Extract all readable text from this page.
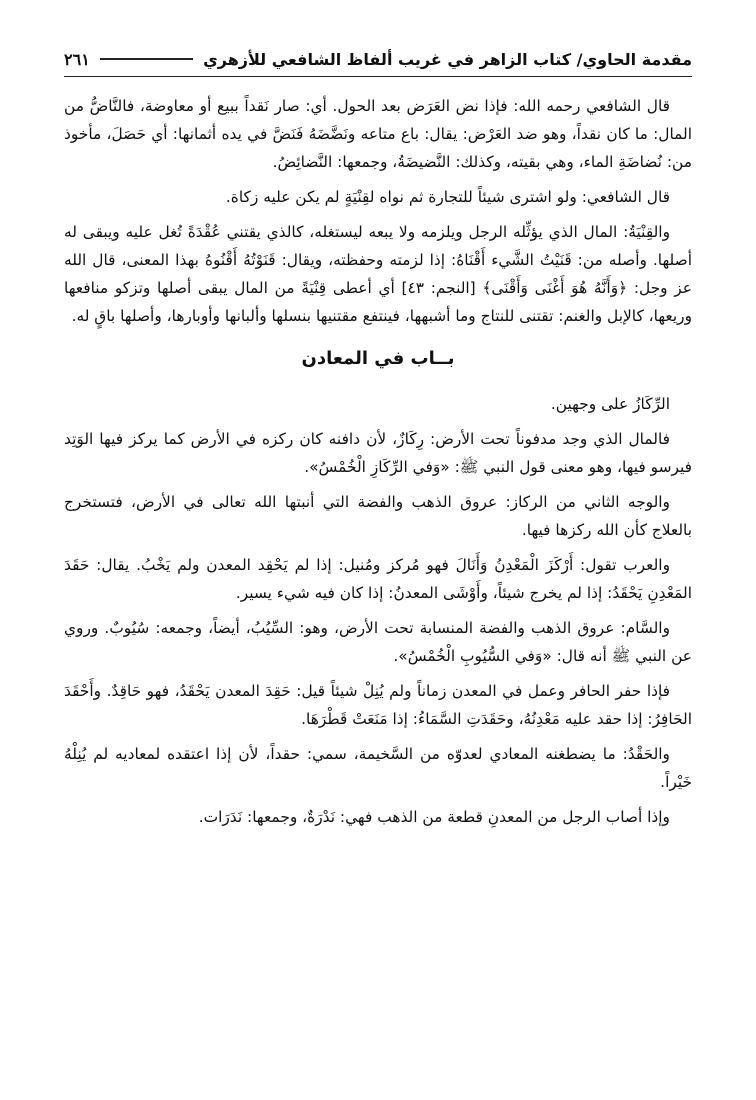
مقدمة الحاوي/ كتاب الزاهر في غريب ألفاظ الشافعي للأزهري
٢٦١

قال الشافعي رحمه الله: فإذا نض العَرَض بعد الحول. أي: صار نَقداً ببيع أو معاوضة، فالنَّاضُّ من المال: ما كان نقداً، وهو ضد العَرْض: يقال: باع متاعه ونَضَّضَهُ فَنَضَّ في يده أثمانها: أي حَصَلَ، مأخوذ من: نُضاضَةِ الماء، وهي بقيته، وكذلك: النَّضيضَةُ، وجمعها: النَّضائِضُ.

قال الشافعي: ولو اشترى شيئاً للتجارة ثم نواه لقِنْيَةٍ لم يكن عليه زكاة.

والقِنْيَةُ: المال الذي يؤثِّله الرجل ويلزمه ولا يبعه ليستغله، كالذي يقتني عُقْدَةً تُغل عليه ويبقى له أصلها. وأصله من: قَنَيْتُ الشَّيء أَقْنَاهُ: إذا لزمته وحفظته، ويقال: قَنَوْتُهُ أَقْنُوهُ بهذا المعنى، قال الله عز وجل: ﴿وَأَنَّهُ هُوَ أَغْنَى وَأَقْنَى﴾ [النجم: ٤٣] أي أعطى قِنْيَةً من المال يبقى أصلها وتزكو منافعها وريعها، كالإبل والغنم: تقتنى للنتاج وما أشبهها، فينتفع مقتنيها بنسلها وألبانها وأوبارها، وأصلها باقٍ له.

بــاب في المعادن

الرِّكَازُ على وجهين.

فالمال الذي وجد مدفوناً تحت الأرض: رِكَازٌ، لأن دافنه كان ركزه في الأرض كما يركز فيها الوَتِد فيرسو فيها، وهو معنى قول النبي ﷺ: «وَفي الرِّكَازِ الْخُمْسُ».

والوجه الثاني من الركاز: عروق الذهب والفضة التي أنبتها الله تعالى في الأرض، فتستخرج بالعلاج كأن الله ركزها فيها.

والعرب تقول: أَرْكَزَ الْمَعْدِنُ وَأَنَالَ فهو مُركز ومُنيل: إذا لم يَحْقِد المعدن ولم يَخْبُ. يقال: حَقَدَ المَعْدِنِ يَحْقَدُ: إذا لم يخرج شيئاً، وأَوْشَى المعدنُ: إذا كان فيه شيء يسير.

والسَّام: عروق الذهب والفضة المنسابة تحت الأرض، وهو: السِّيُبُ، أيضاً، وجمعه: سُيُوبٌ. وروي عن النبي ﷺ أنه قال: «وَفي السُّيُوبِ الْخُمْسُ».

فإذا حفر الحافر وعمل في المعدن زماناً ولم يُنِلْ شيئاً قيل: حَقِدَ المعدن يَحْقَدُ، فهو حَاقِدٌ. وأَحْقَدَ الحَافِرُ: إذا حقد عليه مَعْدِنُهُ، وحَقَدَتِ السَّمَاءُ: إذا مَنَعَتْ قَطْرَهَا.

والحَقْدُ: ما يضطغنه المعادي لعدوّه من السَّخيمة، سمي: حقداً، لأن إذا اعتقده لمعاديه لم يُنِلْهُ خَيْراً.

وإذا أصاب الرجل من المعدنِ قطعة من الذهب فهي: نَدْرَةٌ، وجمعها: نَدَرَات.
